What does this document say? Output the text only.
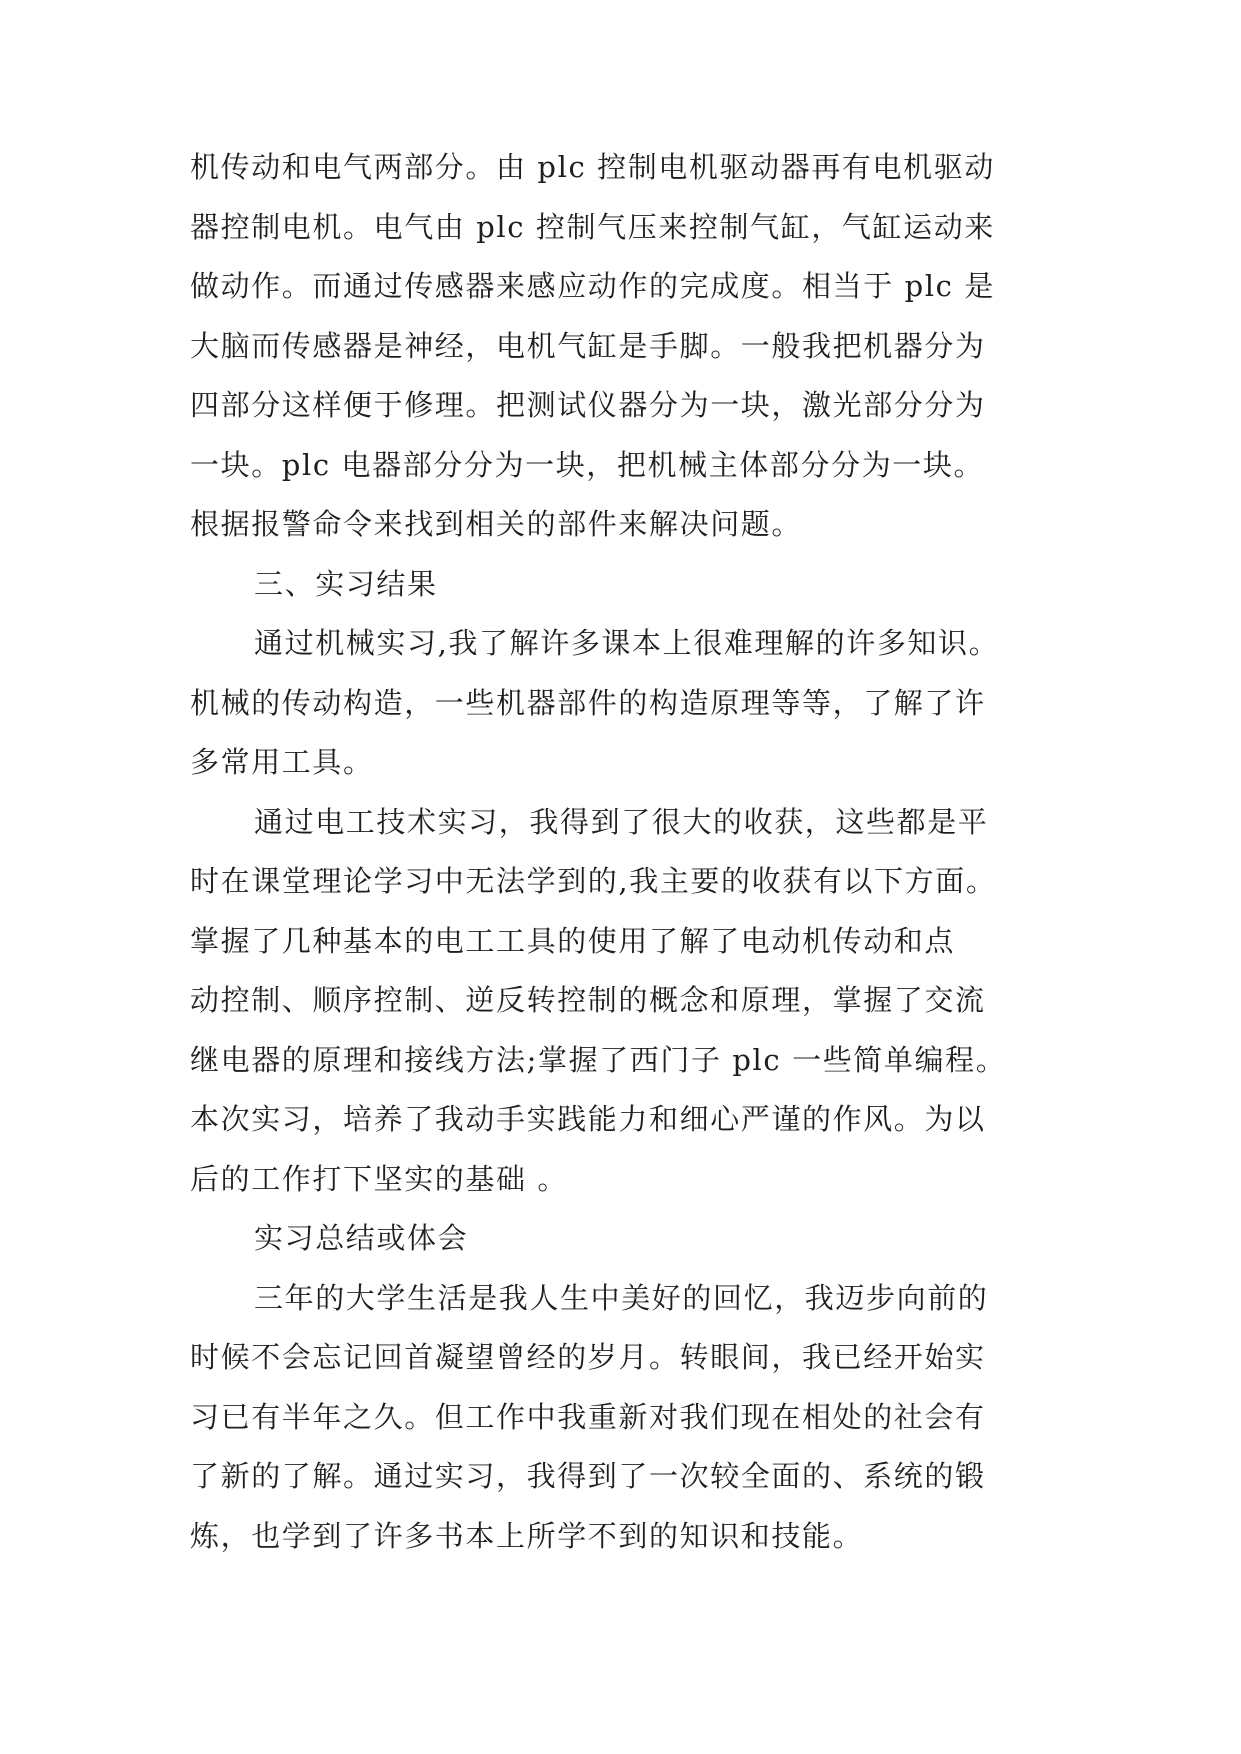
机传动和电气两部分。由 plc 控制电机驱动器再有电机驱动
器控制电机。电气由 plc 控制气压来控制气缸，气缸运动来
做动作。而通过传感器来感应动作的完成度。相当于 plc 是
大脑而传感器是神经，电机气缸是手脚。一般我把机器分为
四部分这样便于修理。把测试仪器分为一块，激光部分分为
一块。plc 电器部分分为一块，把机械主体部分分为一块。
根据报警命令来找到相关的部件来解决问题。
三、实习结果
通过机械实习,我了解许多课本上很难理解的许多知识。
机械的传动构造，一些机器部件的构造原理等等，了解了许
多常用工具。
通过电工技术实习，我得到了很大的收获，这些都是平
时在课堂理论学习中无法学到的,我主要的收获有以下方面。
掌握了几种基本的电工工具的使用了解了电动机传动和点
动控制、顺序控制、逆反转控制的概念和原理，掌握了交流
继电器的原理和接线方法;掌握了西门子 plc 一些简单编程。
本次实习，培养了我动手实践能力和细心严谨的作风。为以
后的工作打下坚实的基础 。
实习总结或体会
三年的大学生活是我人生中美好的回忆，我迈步向前的
时候不会忘记回首凝望曾经的岁月。转眼间，我已经开始实
习已有半年之久。但工作中我重新对我们现在相处的社会有
了新的了解。通过实习，我得到了一次较全面的、系统的锻
炼，也学到了许多书本上所学不到的知识和技能。
